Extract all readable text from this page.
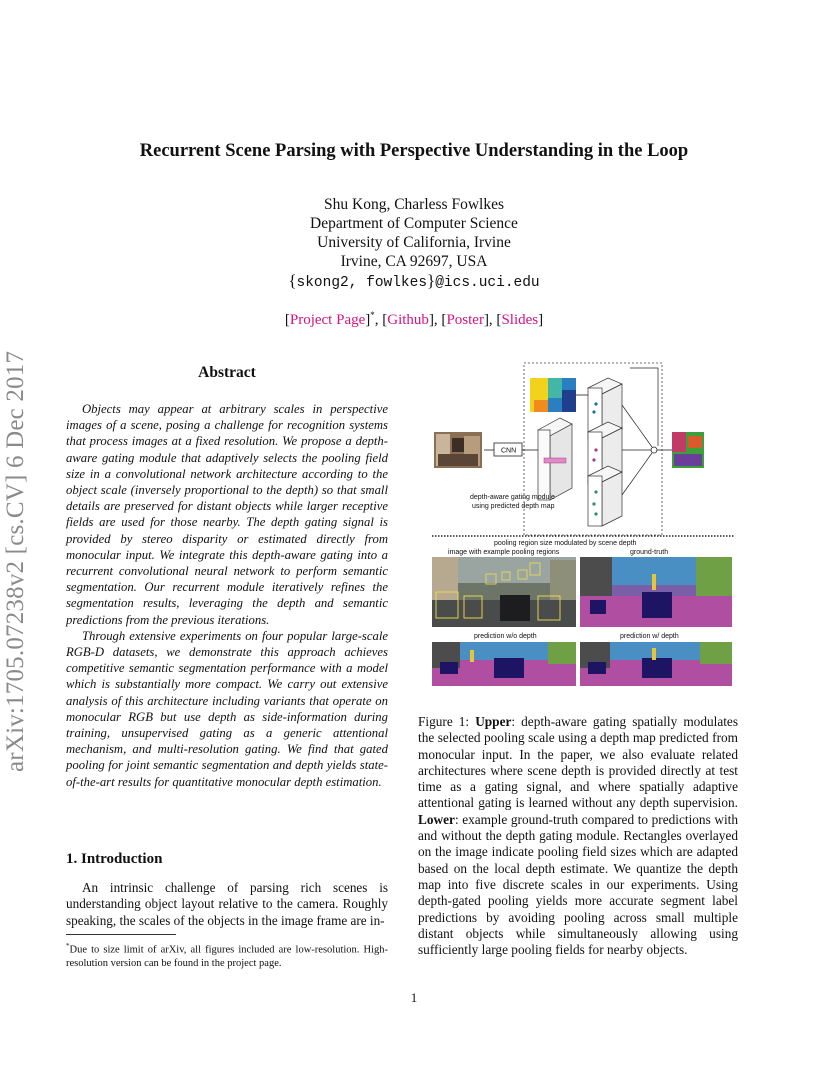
Recurrent Scene Parsing with Perspective Understanding in the Loop
Shu Kong, Charless Fowlkes
Department of Computer Science
University of California, Irvine
Irvine, CA 92697, USA
{skong2, fowlkes}@ics.uci.edu
[Project Page]*, [Github], [Poster], [Slides]
arXiv:1705.07238v2 [cs.CV] 6 Dec 2017	Abstract

Objects may appear at arbitrary scales in perspective images of a scene, posing a challenge for recognition systems that process images at a fixed resolution. We propose a depth-aware gating module that adaptively selects the pooling field size in a convolutional network architecture according to the object scale (inversely proportional to the depth) so that small details are preserved for distant objects while larger receptive fields are used for those nearby. The depth gating signal is provided by stereo disparity or estimated directly from monocular input. We integrate this depth-aware gating into a recurrent convolutional neural network to perform semantic segmentation. Our recurrent module iteratively refines the segmentation results, leveraging the depth and semantic predictions from the previous iterations.

Through extensive experiments on four popular large-scale RGB-D datasets, we demonstrate this approach achieves competitive semantic segmentation performance with a model which is substantially more compact. We carry out extensive analysis of this architecture including variants that operate on monocular RGB but use depth as side-information during training, unsupervised gating as a generic attentional mechanism, and multi-resolution gating. We find that gated pooling for joint semantic segmentation and depth yields state-of-the-art results for quantitative monocular depth estimation.

1. Introduction

An intrinsic challenge of parsing rich scenes is understanding object layout relative to the camera. Roughly speaking, the scales of the objects in the image frame are in-

*Due to size limit of arXiv, all figures included are low-resolution. High-resolution version can be found in the project page.
CNN
depth-aware gating module
using predicted depth map
pooling region size modulated by scene depth
image with example pooling regions	ground-truth
prediction w/o depth	prediction w/ depth
Figure 1: Upper: depth-aware gating spatially modulates the selected pooling scale using a depth map predicted from monocular input. In the paper, we also evaluate related architectures where scene depth is provided directly at test time as a gating signal, and where spatially adaptive attentional gating is learned without any depth supervision. Lower: example ground-truth compared to predictions with and without the depth gating module. Rectangles overlayed on the image indicate pooling field sizes which are adapted based on the local depth estimate. We quantize the depth map into five discrete scales in our experiments. Using depth-gated pooling yields more accurate segment label predictions by avoiding pooling across small multiple distant objects while simultaneously allowing using sufficiently large pooling fields for nearby objects.
1
